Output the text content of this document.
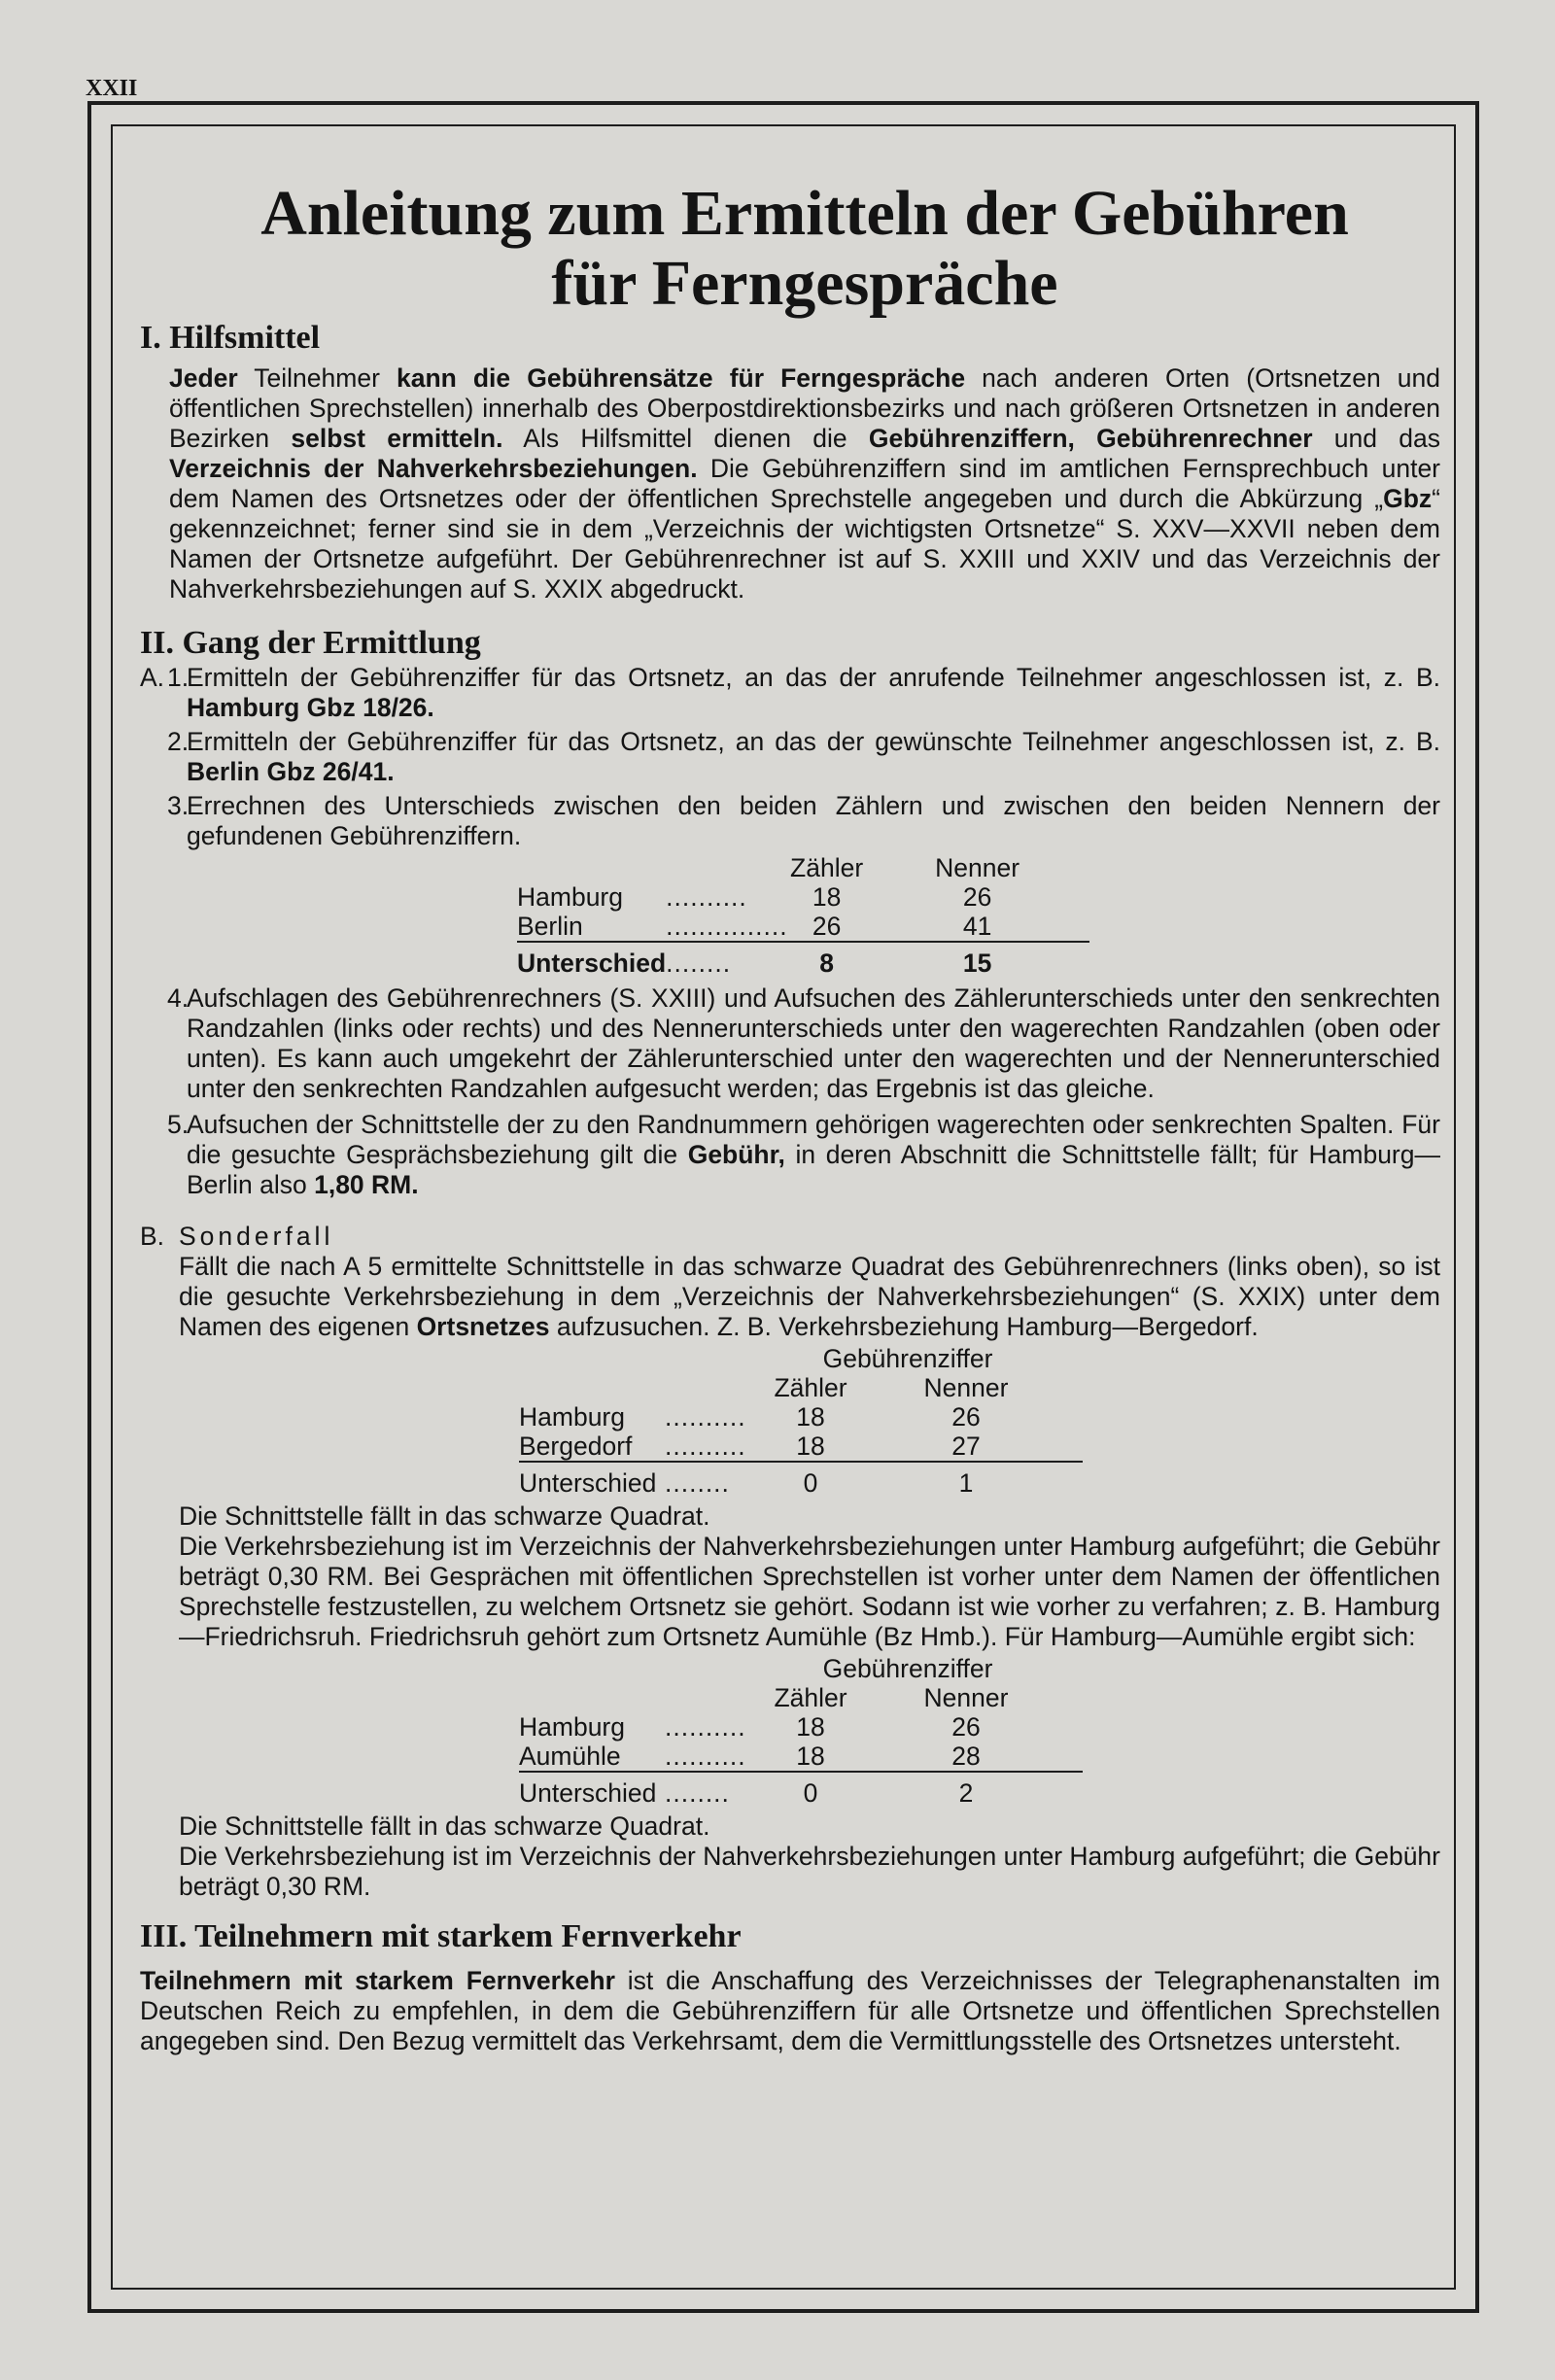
XXII
Anleitung zum Ermitteln der Gebühren
für Ferngespräche
I. Hilfsmittel

Jeder Teilnehmer kann die Gebührensätze für Ferngespräche nach anderen Orten (Ortsnetzen und öffentlichen Sprechstellen) innerhalb des Oberpostdirektionsbezirks und nach größeren Ortsnetzen in anderen Bezirken selbst ermitteln. Als Hilfsmittel dienen die Gebührenziffern, Gebührenrechner und das Verzeichnis der Nahverkehrsbeziehungen. Die Gebührenziffern sind im amtlichen Fernsprechbuch unter dem Namen des Ortsnetzes oder der öffentlichen Sprechstelle angegeben und durch die Abkürzung „Gbz“ gekennzeichnet; ferner sind sie in dem „Verzeichnis der wichtigsten Ortsnetze“ S. XXV—XXVII neben dem Namen der Ortsnetze aufgeführt. Der Gebührenrechner ist auf S. XXIII und XXIV und das Verzeichnis der Nahverkehrsbeziehungen auf S. XXIX abgedruckt.

II. Gang der Ermittlung
A. 1.
Ermitteln der Gebührenziffer für das Ortsnetz, an das der anrufende Teilnehmer angeschlossen ist, z. B. Hamburg Gbz 18/26.
2.
Ermitteln der Gebührenziffer für das Ortsnetz, an das der gewünschte Teilnehmer angeschlossen ist, z. B. Berlin Gbz 26/41.
3.
Errechnen des Unterschieds zwischen den beiden Zählern und zwischen den beiden Nennern der gefundenen Gebührenziffern.
		Zähler	Nenner
Hamburg	..........	18	26
Berlin	...............	26	41
Unterschied	........	8	15
4.
Aufschlagen des Gebührenrechners (S. XXIII) und Aufsuchen des Zählerunterschieds unter den senkrechten Randzahlen (links oder rechts) und des Nennerunterschieds unter den wagerechten Randzahlen (oben oder unten). Es kann auch umgekehrt der Zählerunterschied unter den wagerechten und der Nennerunterschied unter den senkrechten Randzahlen aufgesucht werden; das Ergebnis ist das gleiche.
5.
Aufsuchen der Schnittstelle der zu den Randnummern gehörigen wagerechten oder senkrechten Spalten. Für die gesuchte Gesprächsbeziehung gilt die Gebühr, in deren Abschnitt die Schnittstelle fällt; für Hamburg—Berlin also 1,80 RM.
B. Sonderfall

Fällt die nach A 5 ermittelte Schnittstelle in das schwarze Quadrat des Gebührenrechners (links oben), so ist die gesuchte Verkehrsbeziehung in dem „Verzeichnis der Nahverkehrsbeziehungen“ (S. XXIX) unter dem Namen des eigenen Ortsnetzes aufzusuchen. Z. B. Verkehrsbeziehung Hamburg—Bergedorf.

		Gebührenziffer	
		Zähler	Nenner
Hamburg	..........	18	26
Bergedorf	..........	18	27
Unterschied	........	0	1

Die Schnittstelle fällt in das schwarze Quadrat.

Die Verkehrsbeziehung ist im Verzeichnis der Nahverkehrsbeziehungen unter Hamburg aufgeführt; die Gebühr beträgt 0,30 RM. Bei Gesprächen mit öffentlichen Sprechstellen ist vorher unter dem Namen der öffentlichen Sprechstelle festzustellen, zu welchem Ortsnetz sie gehört. Sodann ist wie vorher zu verfahren; z. B. Hamburg—Friedrichsruh. Friedrichsruh gehört zum Ortsnetz Aumühle (Bz Hmb.). Für Hamburg—Aumühle ergibt sich:

		Gebührenziffer	
		Zähler	Nenner
Hamburg	..........	18	26
Aumühle	..........	18	28
Unterschied	........	0	2

Die Schnittstelle fällt in das schwarze Quadrat.

Die Verkehrsbeziehung ist im Verzeichnis der Nahverkehrsbeziehungen unter Hamburg aufgeführt; die Gebühr beträgt 0,30 RM.

III. Teilnehmern mit starkem Fernverkehr

Teilnehmern mit starkem Fernverkehr ist die Anschaffung des Verzeichnisses der Telegraphenanstalten im Deutschen Reich zu empfehlen, in dem die Gebührenziffern für alle Ortsnetze und öffentlichen Sprechstellen angegeben sind. Den Bezug vermittelt das Verkehrsamt, dem die Vermittlungsstelle des Ortsnetzes untersteht.
